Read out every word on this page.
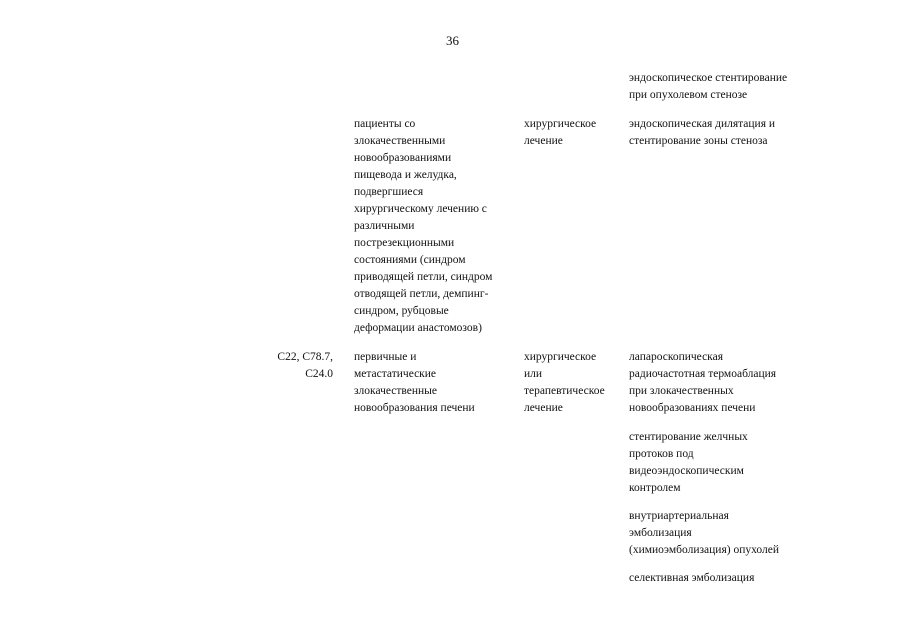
36
эндоскопическое стентирование
при опухолевом стенозе
пациенты со
злокачественными
новообразованиями
пищевода и желудка,
подвергшиеся
хирургическому лечению с
различными
пострезекционными
состояниями (синдром
приводящей петли, синдром
отводящей петли, демпинг-
синдром, рубцовые
деформации анастомозов)
хирургическое
лечение
эндоскопическая дилятация и
стентирование зоны стеноза
C22, C78.7,
C24.0
первичные и
метастатические
злокачественные
новообразования печени
хирургическое
или
терапевтическое
лечение
лапароскопическая
радиочастотная термоаблация
при злокачественных
новообразованиях печени
стентирование желчных
протоков под
видеоэндоскопическим
контролем
внутриартериальная
эмболизация
(химиоэмболизация) опухолей
селективная эмболизация
